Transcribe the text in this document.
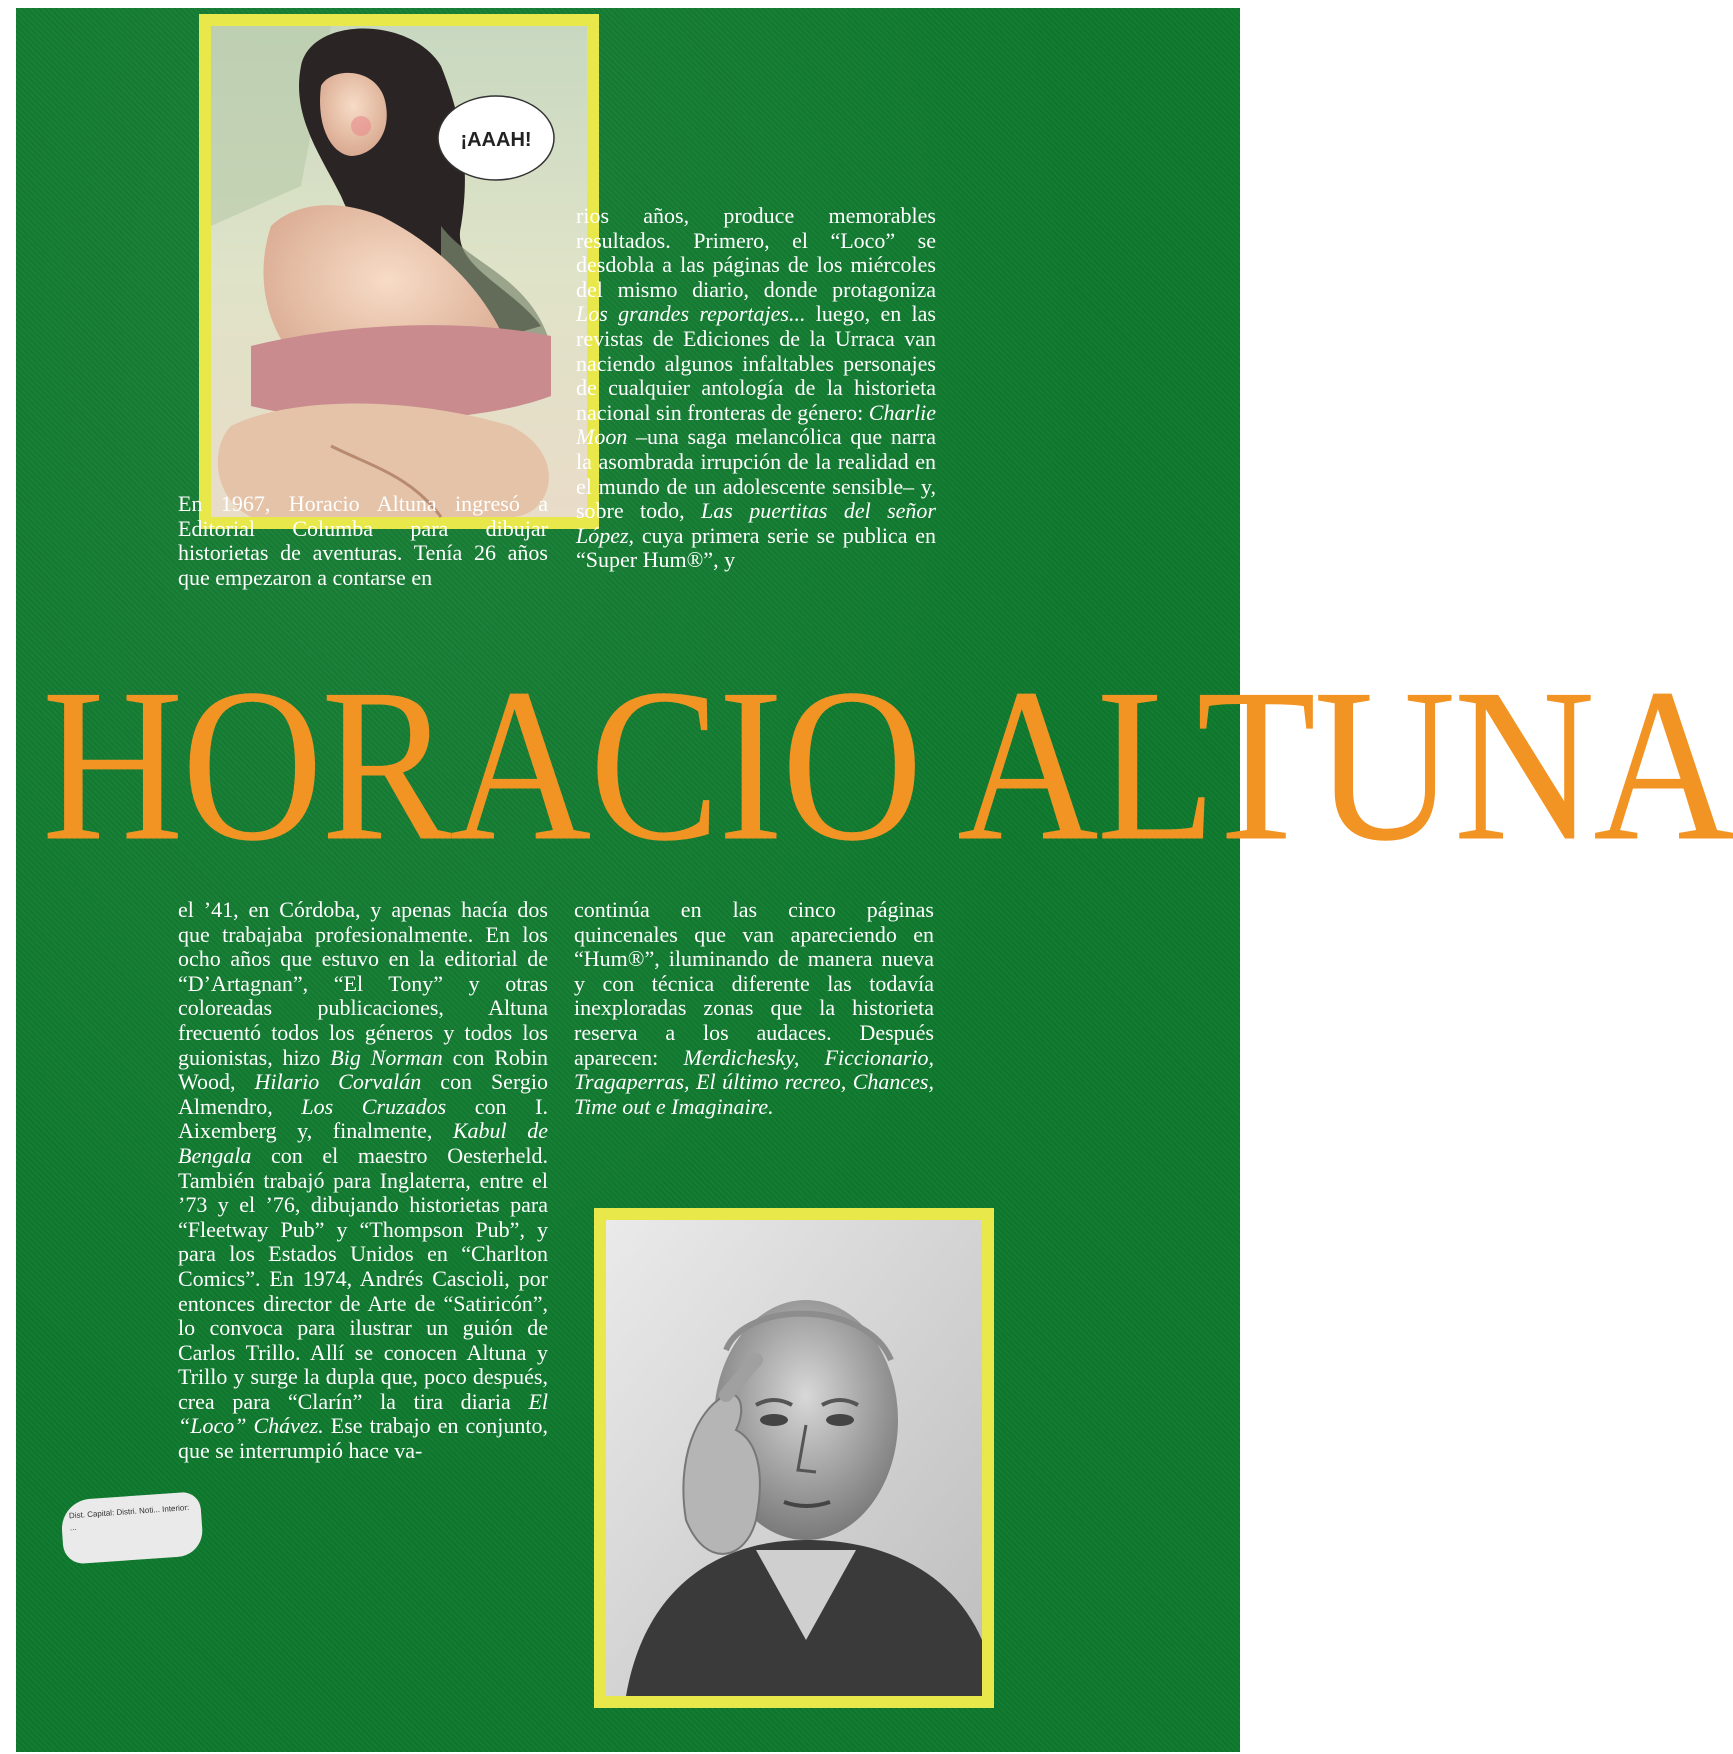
¡AAAH!

rios años, produce memorables resultados. Primero, el “Loco” se desdobla a las páginas de los miércoles del mismo diario, donde protagoniza Los grandes reportajes... luego, en las revistas de Ediciones de la Urraca van naciendo algunos infaltables personajes de cualquier antología de la historieta nacional sin fronteras de género: Charlie Moon –una saga melancólica que narra la asombrada irrupción de la realidad en el mundo de un adolescente sensible– y, sobre todo, Las puertitas del señor López, cuya primera serie se publica en “Super Hum®”, y

En 1967, Horacio Altuna ingresó a Editorial Columba para dibujar historietas de aventuras. Tenía 26 años que empezaron a contarse en

HORACIO ALTUNA

el ’41, en Córdoba, y apenas hacía dos que trabajaba profesionalmente. En los ocho años que estuvo en la editorial de “D’Artagnan”, “El Tony” y otras coloreadas publicaciones, Altuna frecuentó todos los géneros y todos los guionistas, hizo Big Norman con Robin Wood, Hilario Corvalán con Sergio Almendro, Los Cruzados con I. Aixemberg y, finalmente, Kabul de Bengala con el maestro Oesterheld. También trabajó para Inglaterra, entre el ’73 y el ’76, dibujando historietas para “Fleetway Pub” y “Thompson Pub”, y para los Estados Unidos en “Charlton Comics”. En 1974, Andrés Cascioli, por entonces director de Arte de “Satiricón”, lo convoca para ilustrar un guión de Carlos Trillo. Allí se conocen Altuna y Trillo y surge la dupla que, poco después, crea para “Clarín” la tira diaria El “Loco” Chávez. Ese trabajo en conjunto, que se interrumpió hace va-

continúa en las cinco páginas quincenales que van apareciendo en “Hum®”, iluminando de manera nueva y con técnica diferente las todavía inexploradas zonas que la historieta reserva a los audaces. Después aparecen: Merdichesky, Ficcionario, Tragaperras, El último recreo, Chances, Time out e Imaginaire.

Dist. Capital: Distri. Noti... Interior: ...
